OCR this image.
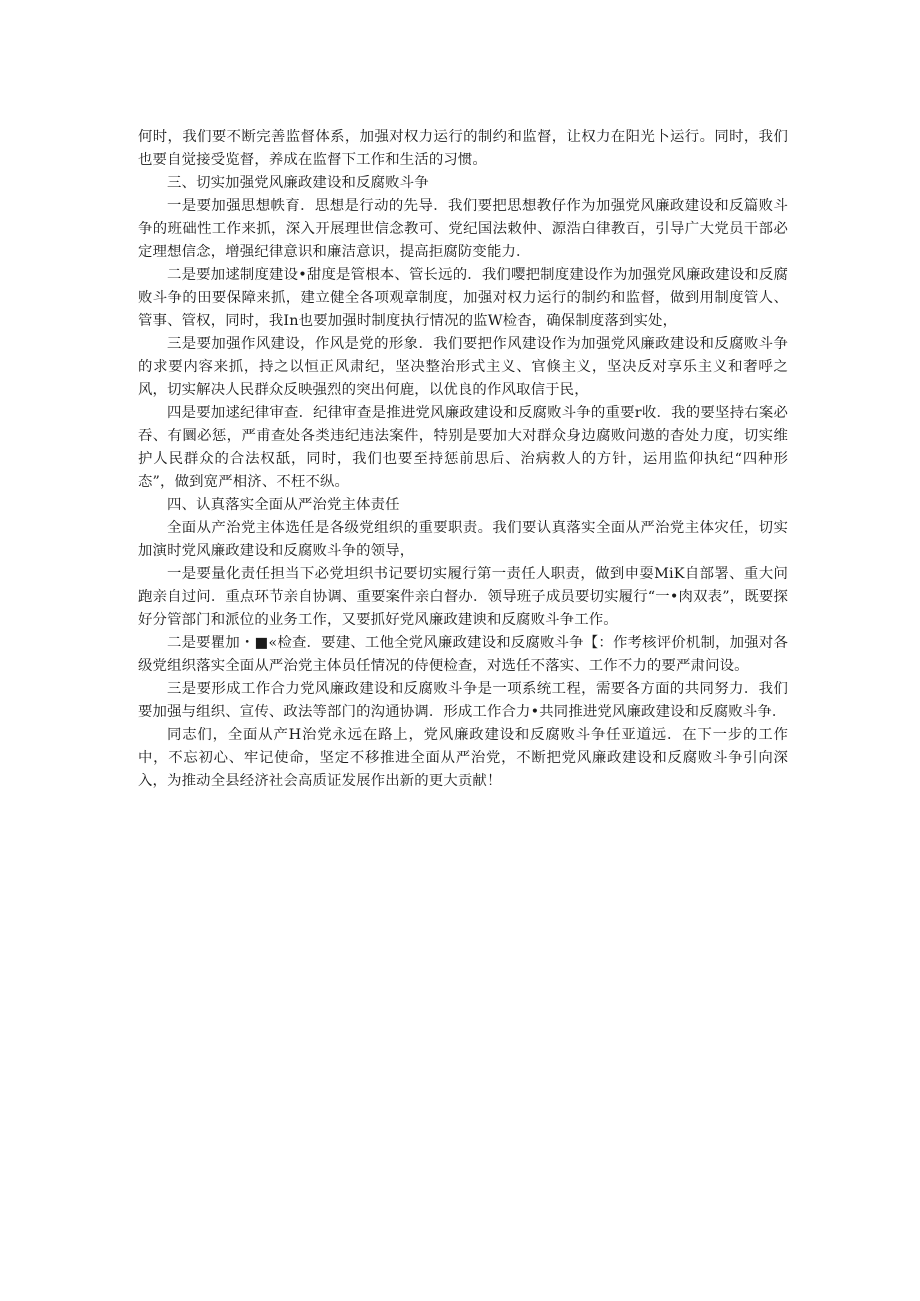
何时，我们要不断完善监督体系，加强对权力运行的制约和监督，让权力在阳光卜运行。同时，我们也要自觉接受览督，养成在监督下工作和生活的习惯。

三、切实加强党风廉政建设和反腐败斗争

一是要加强思想帙育．思想是行动的先导．我们要把思想教仔作为加强党风廉政建设和反篇败斗争的班础性工作来抓，深入开展理世信念教可、党纪国法敕仲、源浩白律教百，引导广大党员干部必定理想信念，增强纪律意识和廉洁意识，提高拒腐防变能力．

二是要加逑制度建设•甜度是管根本、管长远的．我们嘤把制度建设作为加强党风廉政建设和反腐败斗争的田要保障来抓，建立健全各项观章制度，加强对权力运行的制约和监督，做到用制度管人、管事、管权，同时，我In也要加强时制度执行情况的监W检杳，确保制度落到实处，

三是要加强作风建设，作风是党的形象．我们要把作风建设作为加强党风廉政建设和反腐败斗争的求要内容来抓，持之以恒正风肃纪，坚决整治形式主义、官倏主义，坚决反对享乐主义和奢呼之风，切实解决人民群众反映强烈的突出何鹿，以优良的作风取信于民，

四是要加逑纪律审查．纪律审查是推进党风廉政建设和反腐败斗争的重要r收．我的要坚持右案必吞、有圜必惩，严甫查处各类违纪违法案件，特别是要加大对群众身边腐败问遨的杳处力度，切实维护人民群众的合法权舐，同时，我们也要至持惩前思后、治病救人的方针，运用监仰执纪“四种形态”，做到宽严相济、不枉不纵。

四、认真落实全面从严治党主体责任

全面从产治党主体选任是各级党组织的重要职责。我们要认真落实全面从严治党主体灾任，切实加演时党风廉政建设和反腐败斗争的领导，

一是要量化责任担当下必党坦织书记要切实履行第一责任人职责，做到申耍MiK自部署、重大问跑亲自过问．重点环节亲自协调、重要案件亲白督办．领导班子成员要切实履行“一•肉双表”，既要探好分管部门和派位的业务工作，又要抓好党风廉政建谀和反腐败斗争工作。

二是要瞿加・■«检查．要建、工他全党风廉政建设和反腐败斗争【：作考核评价机制，加强对各级党组织落实全面从严治党主体员任情况的侍便检查，对选任不落实、工作不力的要严肃问设。

三是要形成工作合力党风廉政建设和反腐败斗争是一项系统工程，需要各方面的共同努力．我们要加强与组织、宣传、政法等部门的沟通协调．形成工作合力•共同推进党风廉政建设和反腐败斗争．

同志们，全面从产H治党永远在路上，党风廉政建设和反腐败斗争任亚道远．在下一步的工作中，不忘初心、牢记使命，坚定不移推进全面从严治党，不断把党风廉政建设和反腐败斗争引向深入，为推动全县经济社会高质证发展作出新的更大贡献！
